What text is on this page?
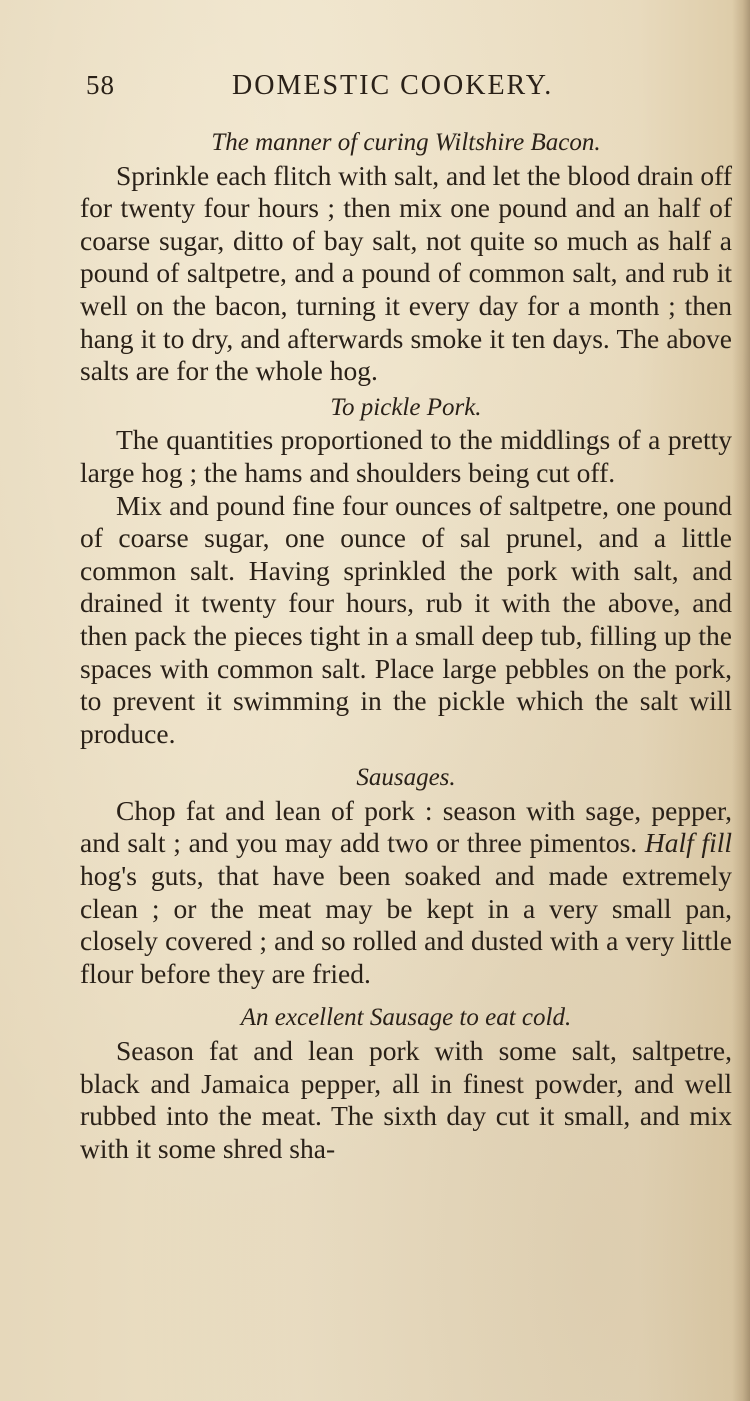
58	DOMESTIC COOKERY.

The manner of curing Wiltshire Bacon.

Sprinkle each flitch with salt, and let the blood drain off for twenty four hours ; then mix one pound and an half of coarse sugar, ditto of bay salt, not quite so much as half a pound of saltpetre, and a pound of common salt, and rub it well on the bacon, turning it every day for a month ; then hang it to dry, and afterwards smoke it ten days. The above salts are for the whole hog.

To pickle Pork.

The quantities proportioned to the middlings of a pretty large hog ; the hams and shoulders being cut off.

Mix and pound fine four ounces of saltpetre, one pound of coarse sugar, one ounce of sal prunel, and a little common salt. Having sprinkled the pork with salt, and drained it twenty four hours, rub it with the above, and then pack the pieces tight in a small deep tub, filling up the spaces with common salt. Place large pebbles on the pork, to prevent it swimming in the pickle which the salt will produce.

Sausages.

Chop fat and lean of pork : season with sage, pepper, and salt ; and you may add two or three pimentos. Half fill hog's guts, that have been soaked and made extremely clean ; or the meat may be kept in a very small pan, closely covered ; and so rolled and dusted with a very little flour before they are fried.

An excellent Sausage to eat cold.

Season fat and lean pork with some salt, saltpetre, black and Jamaica pepper, all in finest powder, and well rubbed into the meat. The sixth day cut it small, and mix with it some shred sha-
